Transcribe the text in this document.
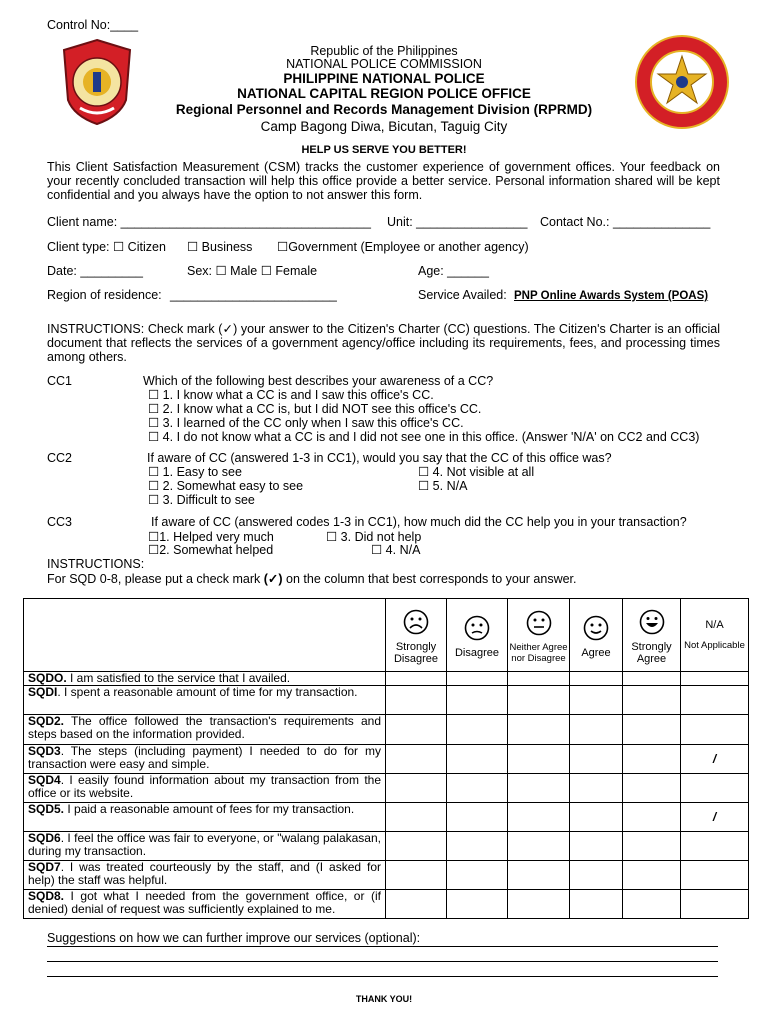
Control No:____
Republic of the Philippines
NATIONAL POLICE COMMISSION
PHILIPPINE NATIONAL POLICE
NATIONAL CAPITAL REGION POLICE OFFICE
Regional Personnel and Records Management Division (RPRMD)
Camp Bagong Diwa, Bicutan, Taguig City
HELP US SERVE YOU BETTER!
This Client Satisfaction Measurement (CSM) tracks the customer experience of government offices. Your feedback on your recently concluded transaction will help this office provide a better service. Personal information shared will be kept confidential and you always have the option to not answer this form.
Client name: ____________________________________ Unit: ________________ Contact No.: ______________
Client type: ☐ Citizen ☐ Business ☐Government (Employee or another agency)
Date: _________	Sex: ☐ Male ☐ Female	Age: ______
Region of residence: ________________________	Service Availed: PNP Online Awards System (POAS)
INSTRUCTIONS: Check mark (✓) your answer to the Citizen's Charter (CC) questions. The Citizen's Charter is an official document that reflects the services of a government agency/office including its requirements, fees, and processing times among others.
CC1	Which of the following best describes your awareness of a CC?
☐ 1. I know what a CC is and I saw this office's CC.
☐ 2. I know what a CC is, but I did NOT see this office's CC.
☐ 3. I learned of the CC only when I saw this office's CC.
☐ 4. I do not know what a CC is and I did not see one in this office. (Answer 'N/A' on CC2 and CC3)
CC2	If aware of CC (answered 1-3 in CC1), would you say that the CC of this office was?
☐ 1. Easy to see
☐ 2. Somewhat easy to see
☐ 3. Difficult to see
☐ 4. Not visible at all
☐ 5. N/A
CC3	If aware of CC (answered codes 1-3 in CC1), how much did the CC help you in your transaction?
☐1. Helped very much	☐ 3. Did not help
☐2. Somewhat helped	☐ 4. N/A
INSTRUCTIONS:
For SQD 0-8, please put a check mark (✓) on the column that best corresponds to your answer.

	Strongly Disagree	Disagree	Neither Agree nor Disagree	Agree	Strongly Agree	N/A
Not Applicable

SQDO. I am satisfied to the service that I availed.						
SQDI. I spent a reasonable amount of time for my transaction.						
SQD2. The office followed the transaction's requirements and steps based on the information provided.						
SQD3. The steps (including payment) I needed to do for my transaction were easy and simple.						/
SQD4. I easily found information about my transaction from the office or its website.						
SQD5. I paid a reasonable amount of fees for my transaction.						/
SQD6. I feel the office was fair to everyone, or "walang palakasan, during my transaction.						
SQD7. I was treated courteously by the staff, and (I asked for help) the staff was helpful.						
SQD8. I got what I needed from the government office, or (if denied) denial of request was sufficiently explained to me.						
Suggestions on how we can further improve our services (optional):
THANK YOU!
